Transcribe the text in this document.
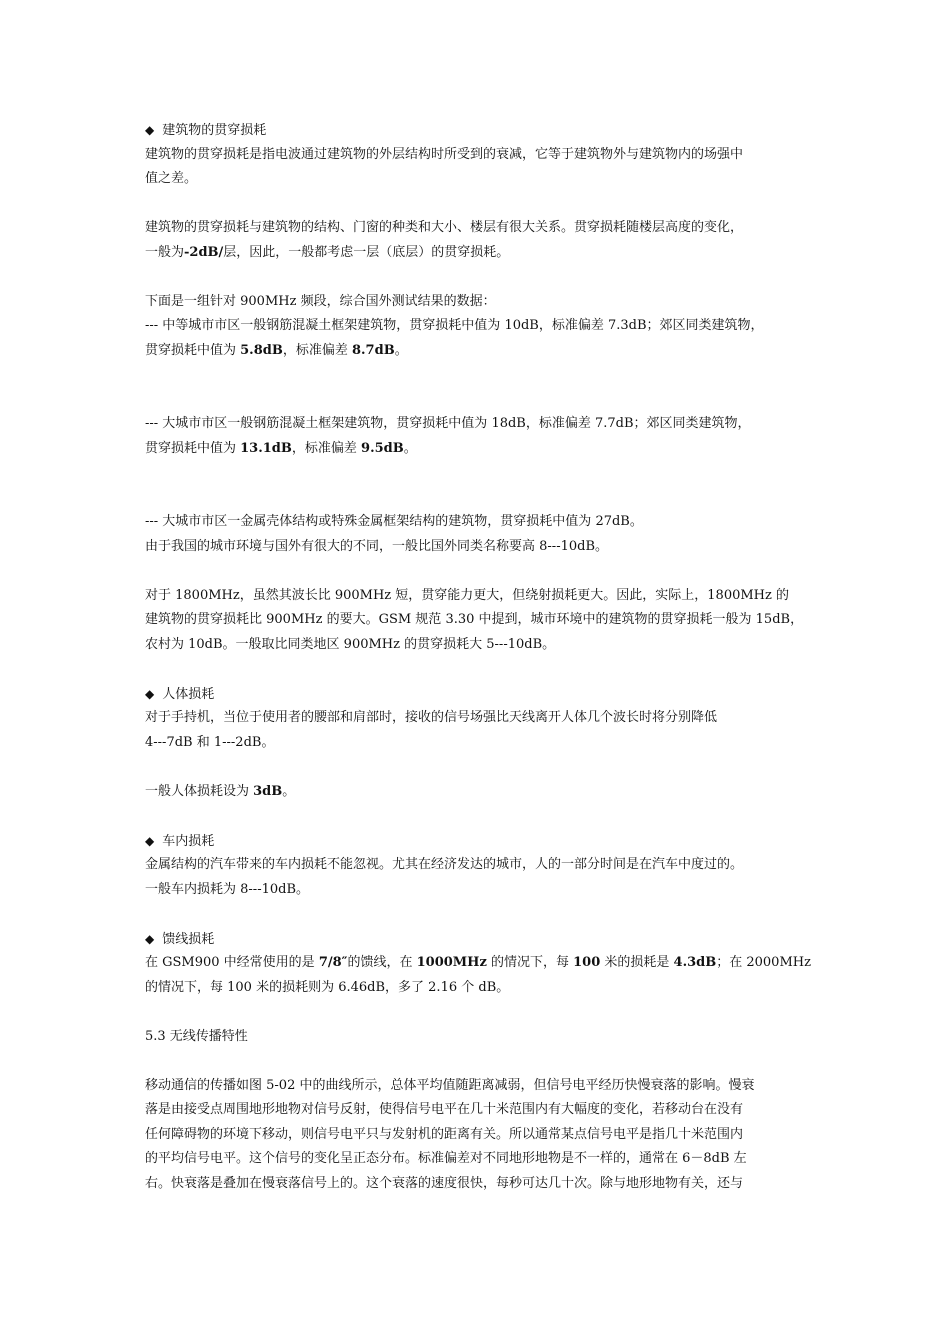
◆ 建筑物的贯穿损耗
建筑物的贯穿损耗是指电波通过建筑物的外层结构时所受到的衰减，它等于建筑物外与建筑物内的场强中
值之差。
建筑物的贯穿损耗与建筑物的结构、门窗的种类和大小、楼层有很大关系。贯穿损耗随楼层高度的变化，
一般为-2dB/层，因此，一般都考虑一层（底层）的贯穿损耗。
下面是一组针对 900MHz 频段，综合国外测试结果的数据：
--- 中等城市市区一般钢筋混凝土框架建筑物，贯穿损耗中值为 10dB，标准偏差 7.3dB；郊区同类建筑物，
贯穿损耗中值为 5.8dB，标准偏差 8.7dB。
--- 大城市市区一般钢筋混凝土框架建筑物，贯穿损耗中值为 18dB，标准偏差 7.7dB；郊区同类建筑物，
贯穿损耗中值为 13.1dB，标准偏差 9.5dB。
--- 大城市市区一金属壳体结构或特殊金属框架结构的建筑物，贯穿损耗中值为 27dB。
由于我国的城市环境与国外有很大的不同，一般比国外同类名称要高 8---10dB。
对于 1800MHz，虽然其波长比 900MHz 短，贯穿能力更大，但绕射损耗更大。因此，实际上，1800MHz 的
建筑物的贯穿损耗比 900MHz 的要大。GSM 规范 3.30 中提到，城市环境中的建筑物的贯穿损耗一般为 15dB，
农村为 10dB。一般取比同类地区 900MHz 的贯穿损耗大 5---10dB。
◆ 人体损耗
对于手持机，当位于使用者的腰部和肩部时，接收的信号场强比天线离开人体几个波长时将分别降低
4---7dB 和 1---2dB。
一般人体损耗设为 3dB。
◆ 车内损耗
金属结构的汽车带来的车内损耗不能忽视。尤其在经济发达的城市，人的一部分时间是在汽车中度过的。
一般车内损耗为 8---10dB。
◆ 馈线损耗
在 GSM900 中经常使用的是 7/8″的馈线，在 1000MHz 的情况下，每 100 米的损耗是 4.3dB；在 2000MHz
的情况下，每 100 米的损耗则为 6.46dB，多了 2.16 个 dB。
5.3 无线传播特性
移动通信的传播如图 5-02 中的曲线所示，总体平均值随距离减弱，但信号电平经历快慢衰落的影响。慢衰
落是由接受点周围地形地物对信号反射，使得信号电平在几十米范围内有大幅度的变化，若移动台在没有
任何障碍物的环境下移动，则信号电平只与发射机的距离有关。所以通常某点信号电平是指几十米范围内
的平均信号电平。这个信号的变化呈正态分布。标准偏差对不同地形地物是不一样的，通常在 6－8dB 左
右。快衰落是叠加在慢衰落信号上的。这个衰落的速度很快，每秒可达几十次。除与地形地物有关，还与
